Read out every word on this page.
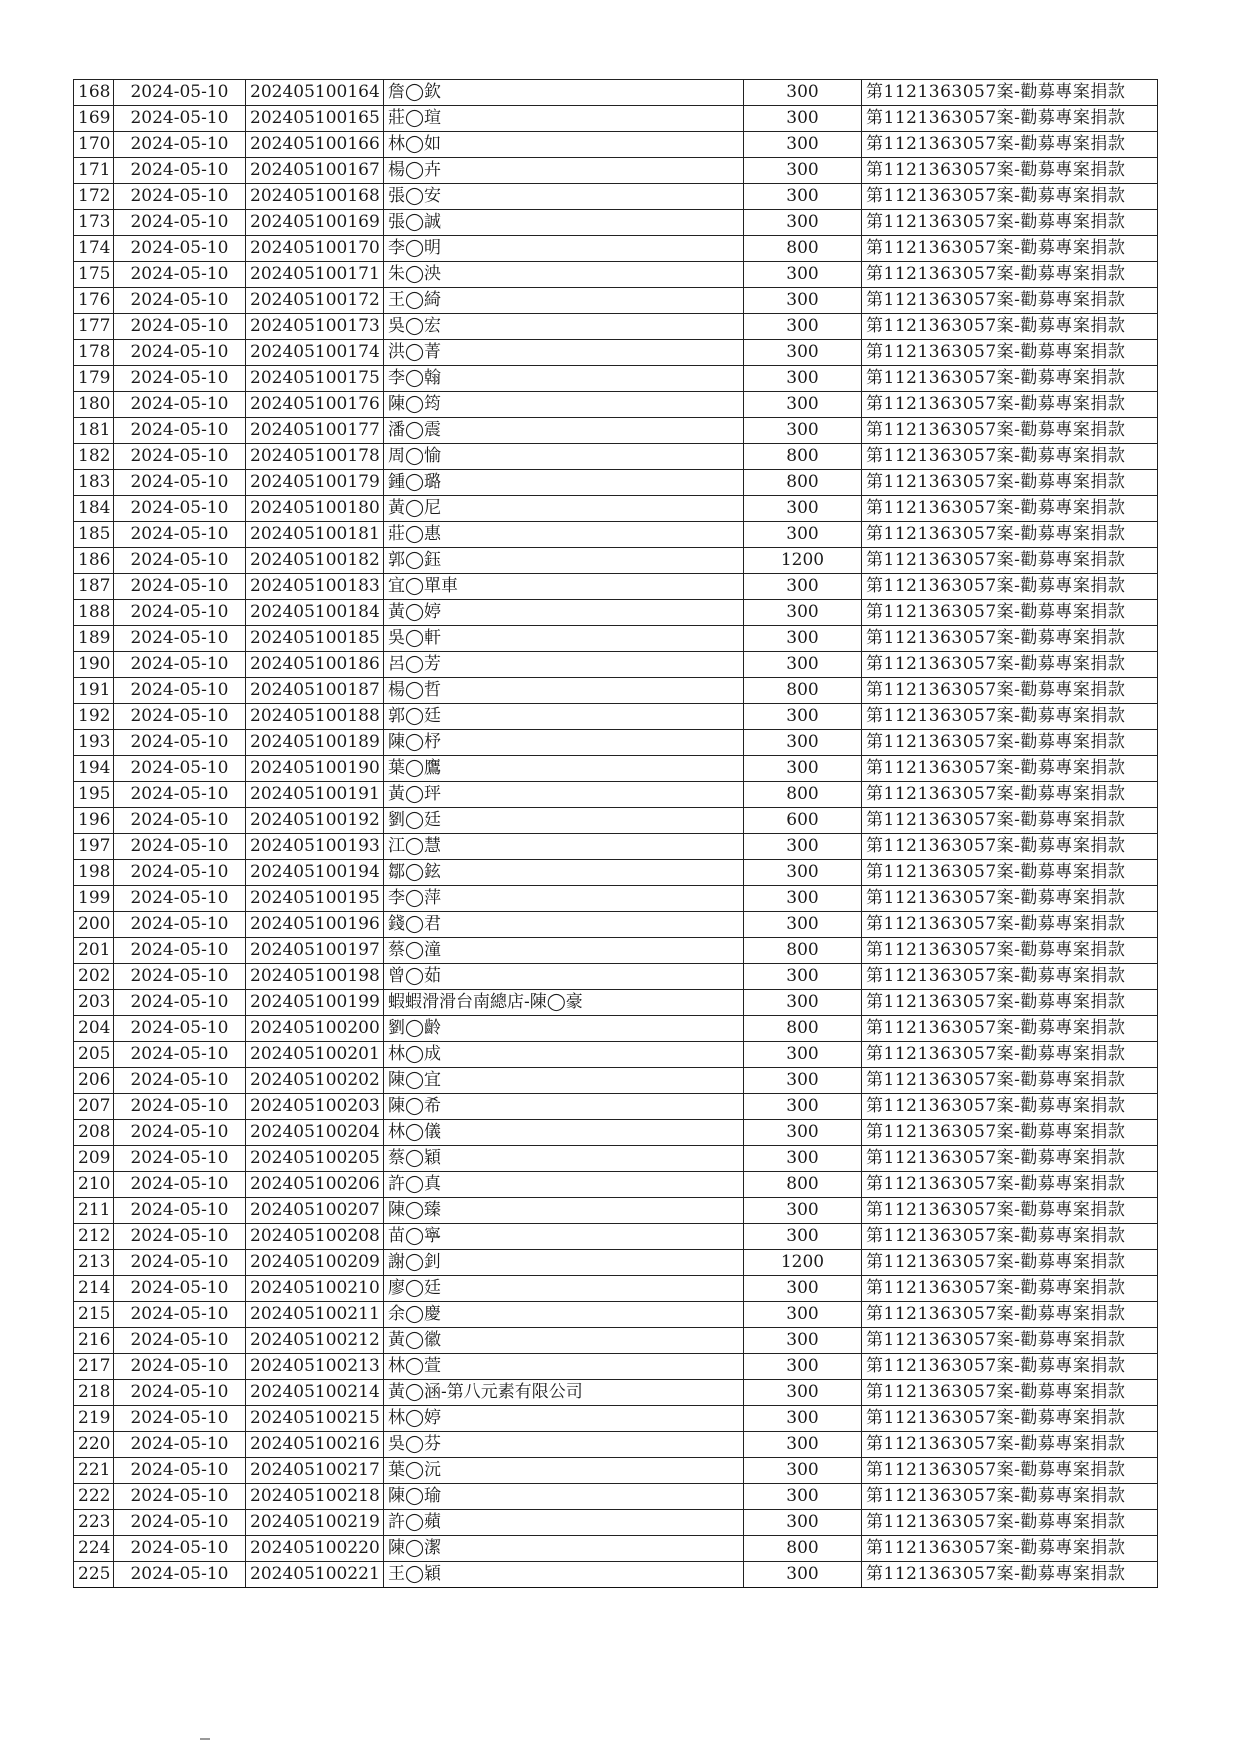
168	2024-05-10	202405100164	詹◯欽	300	第1121363057案-勸募專案捐款
169	2024-05-10	202405100165	莊◯瑄	300	第1121363057案-勸募專案捐款
170	2024-05-10	202405100166	林◯如	300	第1121363057案-勸募專案捐款
171	2024-05-10	202405100167	楊◯卉	300	第1121363057案-勸募專案捐款
172	2024-05-10	202405100168	張◯安	300	第1121363057案-勸募專案捐款
173	2024-05-10	202405100169	張◯誠	300	第1121363057案-勸募專案捐款
174	2024-05-10	202405100170	李◯明	800	第1121363057案-勸募專案捐款
175	2024-05-10	202405100171	朱◯泱	300	第1121363057案-勸募專案捐款
176	2024-05-10	202405100172	王◯綺	300	第1121363057案-勸募專案捐款
177	2024-05-10	202405100173	吳◯宏	300	第1121363057案-勸募專案捐款
178	2024-05-10	202405100174	洪◯菁	300	第1121363057案-勸募專案捐款
179	2024-05-10	202405100175	李◯翰	300	第1121363057案-勸募專案捐款
180	2024-05-10	202405100176	陳◯筠	300	第1121363057案-勸募專案捐款
181	2024-05-10	202405100177	潘◯震	300	第1121363057案-勸募專案捐款
182	2024-05-10	202405100178	周◯愉	800	第1121363057案-勸募專案捐款
183	2024-05-10	202405100179	鍾◯璐	800	第1121363057案-勸募專案捐款
184	2024-05-10	202405100180	黃◯尼	300	第1121363057案-勸募專案捐款
185	2024-05-10	202405100181	莊◯惠	300	第1121363057案-勸募專案捐款
186	2024-05-10	202405100182	郭◯鈺	1200	第1121363057案-勸募專案捐款
187	2024-05-10	202405100183	宜◯單車	300	第1121363057案-勸募專案捐款
188	2024-05-10	202405100184	黃◯婷	300	第1121363057案-勸募專案捐款
189	2024-05-10	202405100185	吳◯軒	300	第1121363057案-勸募專案捐款
190	2024-05-10	202405100186	呂◯芳	300	第1121363057案-勸募專案捐款
191	2024-05-10	202405100187	楊◯哲	800	第1121363057案-勸募專案捐款
192	2024-05-10	202405100188	郭◯廷	300	第1121363057案-勸募專案捐款
193	2024-05-10	202405100189	陳◯杼	300	第1121363057案-勸募專案捐款
194	2024-05-10	202405100190	葉◯鷹	300	第1121363057案-勸募專案捐款
195	2024-05-10	202405100191	黃◯玶	800	第1121363057案-勸募專案捐款
196	2024-05-10	202405100192	劉◯廷	600	第1121363057案-勸募專案捐款
197	2024-05-10	202405100193	江◯慧	300	第1121363057案-勸募專案捐款
198	2024-05-10	202405100194	鄒◯鉉	300	第1121363057案-勸募專案捐款
199	2024-05-10	202405100195	李◯萍	300	第1121363057案-勸募專案捐款
200	2024-05-10	202405100196	錢◯君	300	第1121363057案-勸募專案捐款
201	2024-05-10	202405100197	蔡◯潼	800	第1121363057案-勸募專案捐款
202	2024-05-10	202405100198	曾◯茹	300	第1121363057案-勸募專案捐款
203	2024-05-10	202405100199	蝦蝦滑滑台南總店-陳◯豪	300	第1121363057案-勸募專案捐款
204	2024-05-10	202405100200	劉◯齡	800	第1121363057案-勸募專案捐款
205	2024-05-10	202405100201	林◯成	300	第1121363057案-勸募專案捐款
206	2024-05-10	202405100202	陳◯宜	300	第1121363057案-勸募專案捐款
207	2024-05-10	202405100203	陳◯希	300	第1121363057案-勸募專案捐款
208	2024-05-10	202405100204	林◯儀	300	第1121363057案-勸募專案捐款
209	2024-05-10	202405100205	蔡◯穎	300	第1121363057案-勸募專案捐款
210	2024-05-10	202405100206	許◯真	800	第1121363057案-勸募專案捐款
211	2024-05-10	202405100207	陳◯臻	300	第1121363057案-勸募專案捐款
212	2024-05-10	202405100208	苗◯寧	300	第1121363057案-勸募專案捐款
213	2024-05-10	202405100209	謝◯釗	1200	第1121363057案-勸募專案捐款
214	2024-05-10	202405100210	廖◯廷	300	第1121363057案-勸募專案捐款
215	2024-05-10	202405100211	余◯慶	300	第1121363057案-勸募專案捐款
216	2024-05-10	202405100212	黃◯徽	300	第1121363057案-勸募專案捐款
217	2024-05-10	202405100213	林◯萱	300	第1121363057案-勸募專案捐款
218	2024-05-10	202405100214	黃◯涵-第八元素有限公司	300	第1121363057案-勸募專案捐款
219	2024-05-10	202405100215	林◯婷	300	第1121363057案-勸募專案捐款
220	2024-05-10	202405100216	吳◯芬	300	第1121363057案-勸募專案捐款
221	2024-05-10	202405100217	葉◯沅	300	第1121363057案-勸募專案捐款
222	2024-05-10	202405100218	陳◯瑜	300	第1121363057案-勸募專案捐款
223	2024-05-10	202405100219	許◯蘋	300	第1121363057案-勸募專案捐款
224	2024-05-10	202405100220	陳◯潔	800	第1121363057案-勸募專案捐款
225	2024-05-10	202405100221	王◯穎	300	第1121363057案-勸募專案捐款
